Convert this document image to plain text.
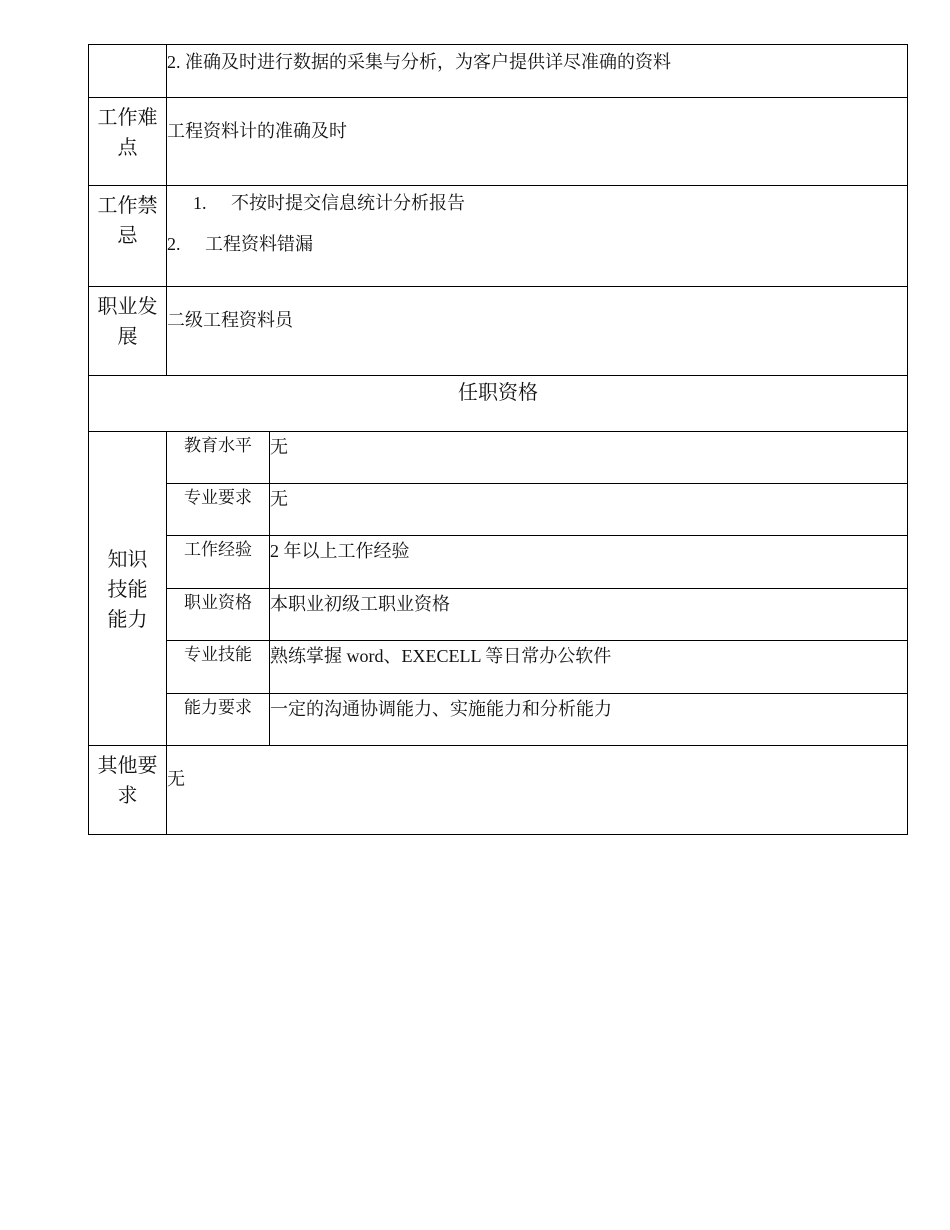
	2. 准确及时进行数据的采集与分析，为客户提供详尽准确的资料	
工作难点	工程资料计的准确及时	
工作禁忌	1. 不按时提交信息统计分析报告
2. 工程资料错漏	

职业发展	二级工程资料员	
任职资格		
知识技能能力	教育水平	无
	专业要求	无
	工作经验	2 年以上工作经验
	职业资格	本职业初级工职业资格
	专业技能	熟练掌握 word、EXECELL 等日常办公软件
	能力要求	一定的沟通协调能力、实施能力和分析能力
其他要求	无	
